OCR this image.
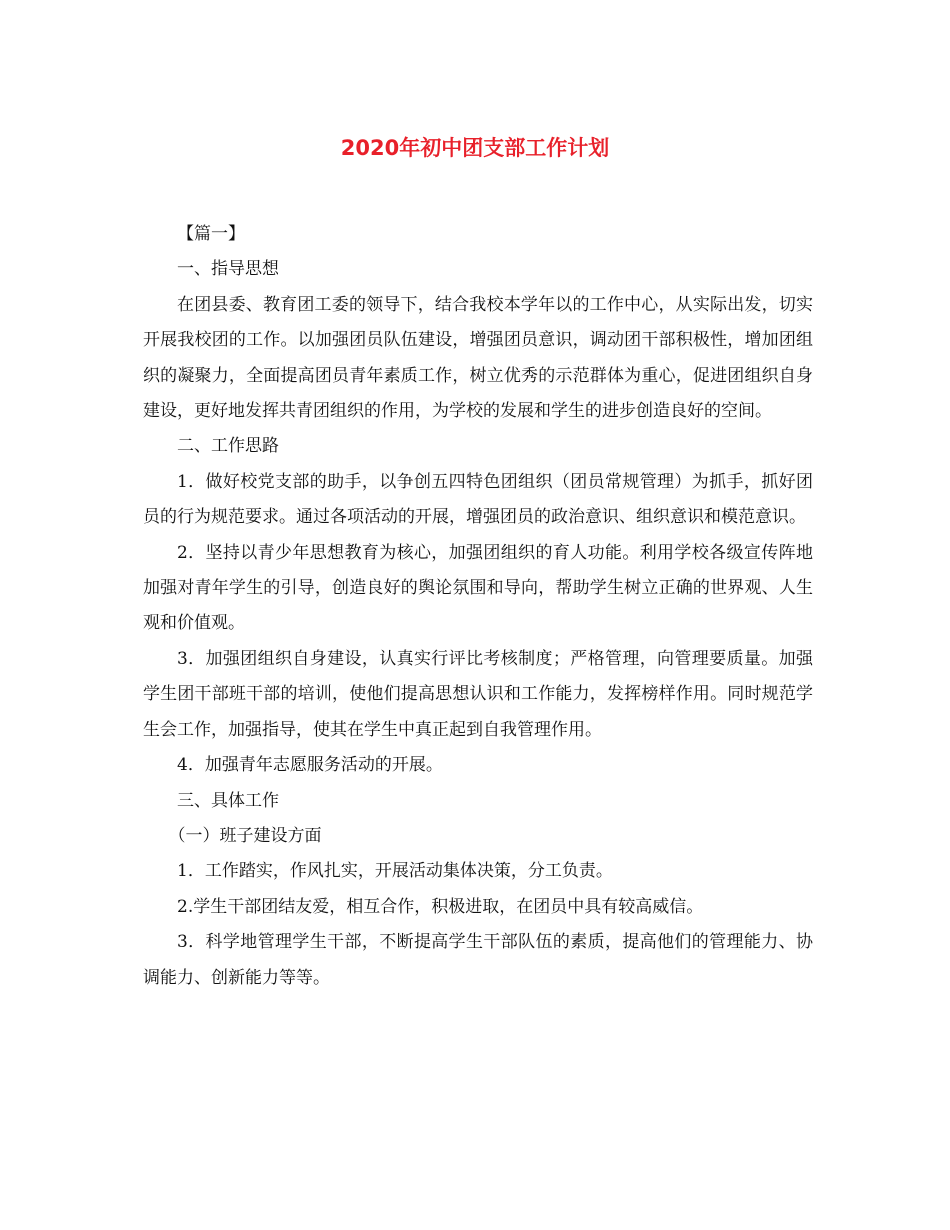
2020年初中团支部工作计划

【篇一】

一、指导思想

在团县委、教育团工委的领导下，结合我校本学年以的工作中心，从实际出发，切实开展我校团的工作。以加强团员队伍建设，增强团员意识，调动团干部积极性，增加团组织的凝聚力，全面提高团员青年素质工作，树立优秀的示范群体为重心，促进团组织自身建设，更好地发挥共青团组织的作用，为学校的发展和学生的进步创造良好的空间。

二、工作思路

1．做好校党支部的助手，以争创五四特色团组织（团员常规管理）为抓手，抓好团员的行为规范要求。通过各项活动的开展，增强团员的政治意识、组织意识和模范意识。

2．坚持以青少年思想教育为核心，加强团组织的育人功能。利用学校各级宣传阵地加强对青年学生的引导，创造良好的舆论氛围和导向，帮助学生树立正确的世界观、人生观和价值观。

3．加强团组织自身建设，认真实行评比考核制度；严格管理，向管理要质量。加强学生团干部班干部的培训，使他们提高思想认识和工作能力，发挥榜样作用。同时规范学生会工作，加强指导，使其在学生中真正起到自我管理作用。

4．加强青年志愿服务活动的开展。

三、具体工作

（一）班子建设方面

1．工作踏实，作风扎实，开展活动集体决策，分工负责。

2.学生干部团结友爱，相互合作，积极进取，在团员中具有较高威信。

3．科学地管理学生干部，不断提高学生干部队伍的素质，提高他们的管理能力、协调能力、创新能力等等。
